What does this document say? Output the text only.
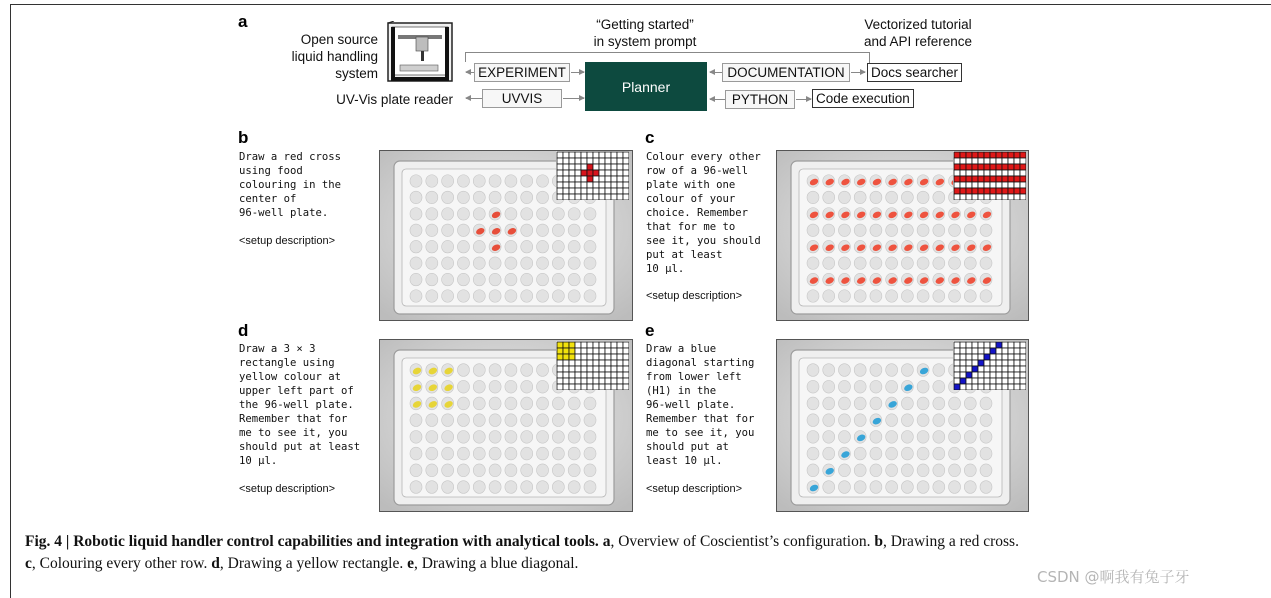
a
Open source
liquid handling
system
UV-Vis plate reader
“Getting started”
in system prompt
Vectorized tutorial
and API reference
EXPERIMENT
UVVIS
Planner
DOCUMENTATION	Docs searcher
PYTHON	Code execution
b
Draw a red cross
using food
colouring in the
center of
96-well plate.
<setup description>
c
Colour every other
row of a 96-well
plate with one
colour of your
choice. Remember
that for me to
see it, you should
put at least
10 µl.
<setup description>
d
Draw a 3 × 3
rectangle using
yellow colour at
upper left part of
the 96-well plate.
Remember that for
me to see it, you
should put at least
10 µl.
<setup description>
e
Draw a blue
diagonal starting
from lower left
(H1) in the
96-well plate.
Remember that for
me to see it, you
should put at
least 10 µl.
<setup description>
Fig. 4 | Robotic liquid handler control capabilities and integration with analytical tools. a, Overview of Coscientist’s configuration. b, Drawing a red cross.
c, Colouring every other row. d, Drawing a yellow rectangle. e, Drawing a blue diagonal.
CSDN @啊我有兔子牙
